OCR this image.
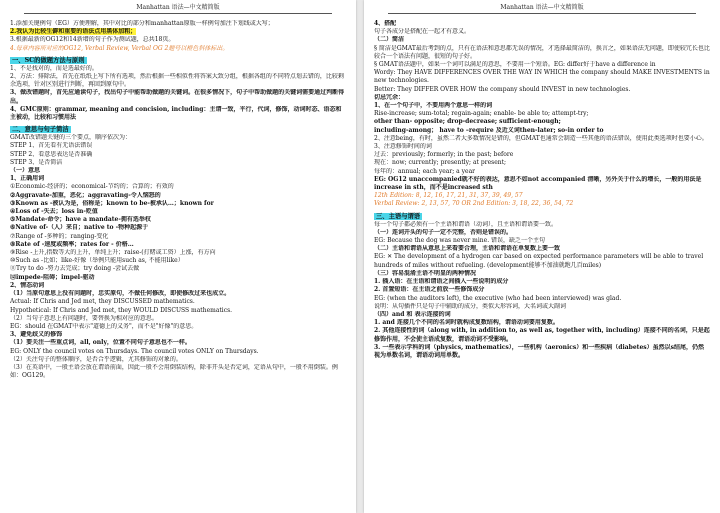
Manhattan 语法—中文精简版
1.添加关键例句（EG）方便理解，其中对比的部分和manhattan原版一样例句加注下划线或大写；
2.我认为比较生僻和重要的语法点用黑体加粗；
3.根据最新的OG12和14新增的句子作为测试题，总共18页。
4.每章内容所对应的OG12, Verbal Review, Verbal OG 2题号以橙色斜体标出。
一、SC的做题方法与原则
1、不是找对的，而是选最好的。
2、方法：排除法，首先在纸纸上写下所有选项，然后根据一些相似性将答案大致分组，根据各组的不同特点划去错的，比较剩余选项，针对区别进行判断，再回到原句中。
3、做改错题时，首先应通读句子，找出句子中能帮助做题的关键词。在很多情况下，句子中帮助做题的关键词需要通过判断得出。
4、GMC原则：grammar, meaning and concision, including：主谓一致，平行，代词，修饰，动词时态、语态和主被动，比较和习惯用法
二、意思与句子简洁
GMAT改错题关键的三个要点，顺序依次为：
STEP 1、首先看有无语法错误
STEP 2、看意思表达是否准确
STEP 3、是否简洁
（一）意思
1、正确用词
①Economic-经济的；economical-节约的；合算的；有效的
②Aggravate-加重，恶化；aggravating-令人恼怒的
③Known as -被认为是，俗称是；known to be-被承认…；known for
④Loss of -失去；loss in-贬值
⑤Mandate-命令；have a mandate-拥有选举权
⑥Native of-（人）来自；native to -物种起源于
⑦Range of -多种的；ranging-变化
⑧Rate of -速度或频率；rates for - 价格…
⑨Rise -上升,指数等大的上升，单纯上升；raise-(打赌或工资）上涨，有方向
⑩Such as -比如；like-好像（举例只能用such as, 不能用like）
⑪Try to do -努力去完成；try doing -尝试去做
⑫impede-阻碍；impel-驱动
2、情态动词
（1）当原句意思上没有问题时，忠实原句，不做任何修改，即使修改过来也成立。
Actual: If Chris and Jed met, they DISCUSSED mathematics.
Hypothetical: If Chris and Jed met, they WOULD DISCUSS mathematics.
（2）当句子意思上有问题时，要替换为相对应的意思。
EG：should 在GMAT中表示"道德上的义务"，而不是"好像"的意思。
3、避免歧义的修饰
（1）要关注一些重点词，all, only，位置不同句子意思也不一样。
EG: ONLY the council votes on Thursdays. The council votes ONLY on Thursdays.
（2）关注句子的整体顺序，是否合乎逻辑，尤其修饰的对象的。
（3）在英语中，一般主语会放在谓语前面，因此一般不会用倒装结构，除非开头是否定词，定语从句中，一般不用倒装。例如：OG129。
Manhattan 语法—中文精简版
4、搭配
句子各成分是搭配在一起才有意义。
（二）简洁
§ 简洁是GMAT最后考到的点，只有在语法和意思都无误的情况，才选择最简洁的，换言之，如果语法无问题，即使较冗长也比较合一个语法有问题，很短的句子好。
§ GMAT语法题中，如果一个词可以满足的意思，不要用一个短语。EG: differ好于have a difference in
Wordy: They HAVE DIFFERENCES OVER THE WAY IN WHICH the company should MAKE INVESTMENTS in new technologies.
Better: They DIFFER OVER HOW the company should INVEST in new technologies.
切忌冗余：
1、在一个句子中，不要用两个意思一样的词
Rise-increase; sum-total; regain-again; enable- be able to; attempt-try;
other than- opposite; drop-decrease; sufficient-enough;
including-among； have to –require 及近义词then-later; so-in order to
2、注意being，有时，虽然二者大多数情况是错的，但GMAT也通常会制造一些其他的语法错误，使用此类选项时也要小心。
3、注意修饰时间的词
过去：previously; formerly; in the past; before
现在：now; currently; presently; at present;
每年的：annual; each year; a year
EG: OG12 unaccompanied就不好的表达，意思不如not accompanied 清晰，另外关于什么的增长，一般的用法是increase in sth，而不是increased sth
12th Edition: 8, 12, 16, 17, 21, 31, 37, 39, 49, 57
Verbal Review: 2, 13, 57, 70 OR 2nd Edition: 3, 18, 22, 36, 54, 72
三、主语与谓语
每一个句子都必须有一个主语和谓语（动词），且主语和谓语要一致。
（一）连词开头的句子一定不完整，否则是错误的。
EG: Because the dog was never mine. 错误，缺乏一个主句
（二）主语和谓语从意思上来看要合理，主语和谓语在单复数上要一致
EG: ✕ The development of a hydrogen car based on expected performance parameters will be able to travel hundreds of miles without refueling. (development能够不加油就跑几百miles)
（三）容易混淆主语不明显的两种情况
1. 插入语：在主语和谓语之间插入一些说明的成分
2. 首置短语：在主语之前放一些修饰成分
EG: (when the auditors left), the executive (who had been interviewed) was glad.
说明：从句插件只是句子中辅助的成分，类似大形容词，大名词或大副词
（四）and 和 表示连接的词
1. and 连接几个不同的名词时就构成复数结构，谓语动词要用复数。
2. 其他连接性的词（along with, in addition to, as well as, together with, including）连接不同的名词，只是起修饰作用，不会使主语成复数，谓语动词不受影响。
3. 一些表示学科的词（physics, mathematics），一些机构（aeronics）和一些疾病（diabetes）虽然以s结尾，仍然视为单数名词，谓语动词用单数。
